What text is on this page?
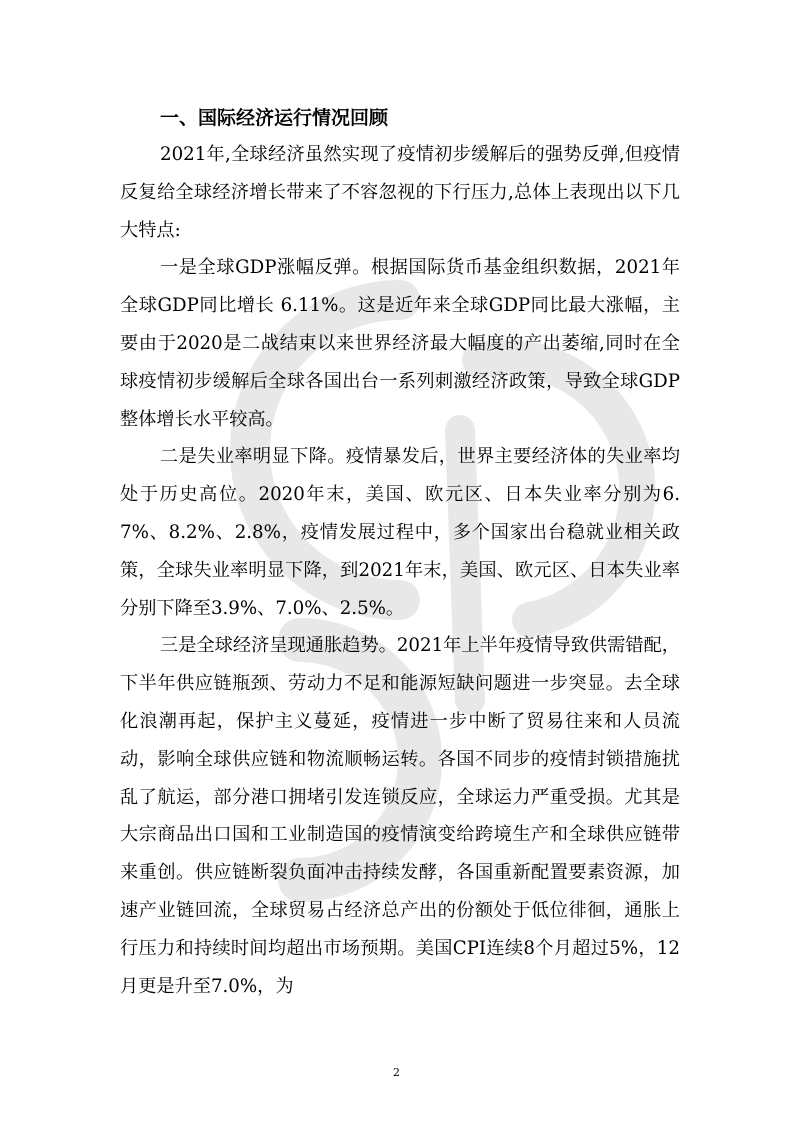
一、国际经济运行情况回顾

2021年,全球经济虽然实现了疫情初步缓解后的强势反弹,但疫情反复给全球经济增长带来了不容忽视的下行压力,总体上表现出以下几大特点:

一是全球GDP涨幅反弹。根据国际货币基金组织数据，2021年全球GDP同比增长 6.11%。这是近年来全球GDP同比最大涨幅，主要由于2020是二战结束以来世界经济最大幅度的产出萎缩,同时在全球疫情初步缓解后全球各国出台一系列刺激经济政策，导致全球GDP整体增长水平较高。

二是失业率明显下降。疫情暴发后，世界主要经济体的失业率均处于历史高位。2020年末，美国、欧元区、日本失业率分别为6.7%、8.2%、2.8%，疫情发展过程中，多个国家出台稳就业相关政策，全球失业率明显下降，到2021年末，美国、欧元区、日本失业率分别下降至3.9%、7.0%、2.5%。

三是全球经济呈现通胀趋势。2021年上半年疫情导致供需错配，下半年供应链瓶颈、劳动力不足和能源短缺问题进一步突显。去全球化浪潮再起，保护主义蔓延，疫情进一步中断了贸易往来和人员流动，影响全球供应链和物流顺畅运转。各国不同步的疫情封锁措施扰乱了航运，部分港口拥堵引发连锁反应，全球运力严重受损。尤其是大宗商品出口国和工业制造国的疫情演变给跨境生产和全球供应链带来重创。供应链断裂负面冲击持续发酵，各国重新配置要素资源，加速产业链回流，全球贸易占经济总产出的份额处于低位徘徊，通胀上行压力和持续时间均超出市场预期。美国CPI连续8个月超过5%，12月更是升至7.0%，为

2
